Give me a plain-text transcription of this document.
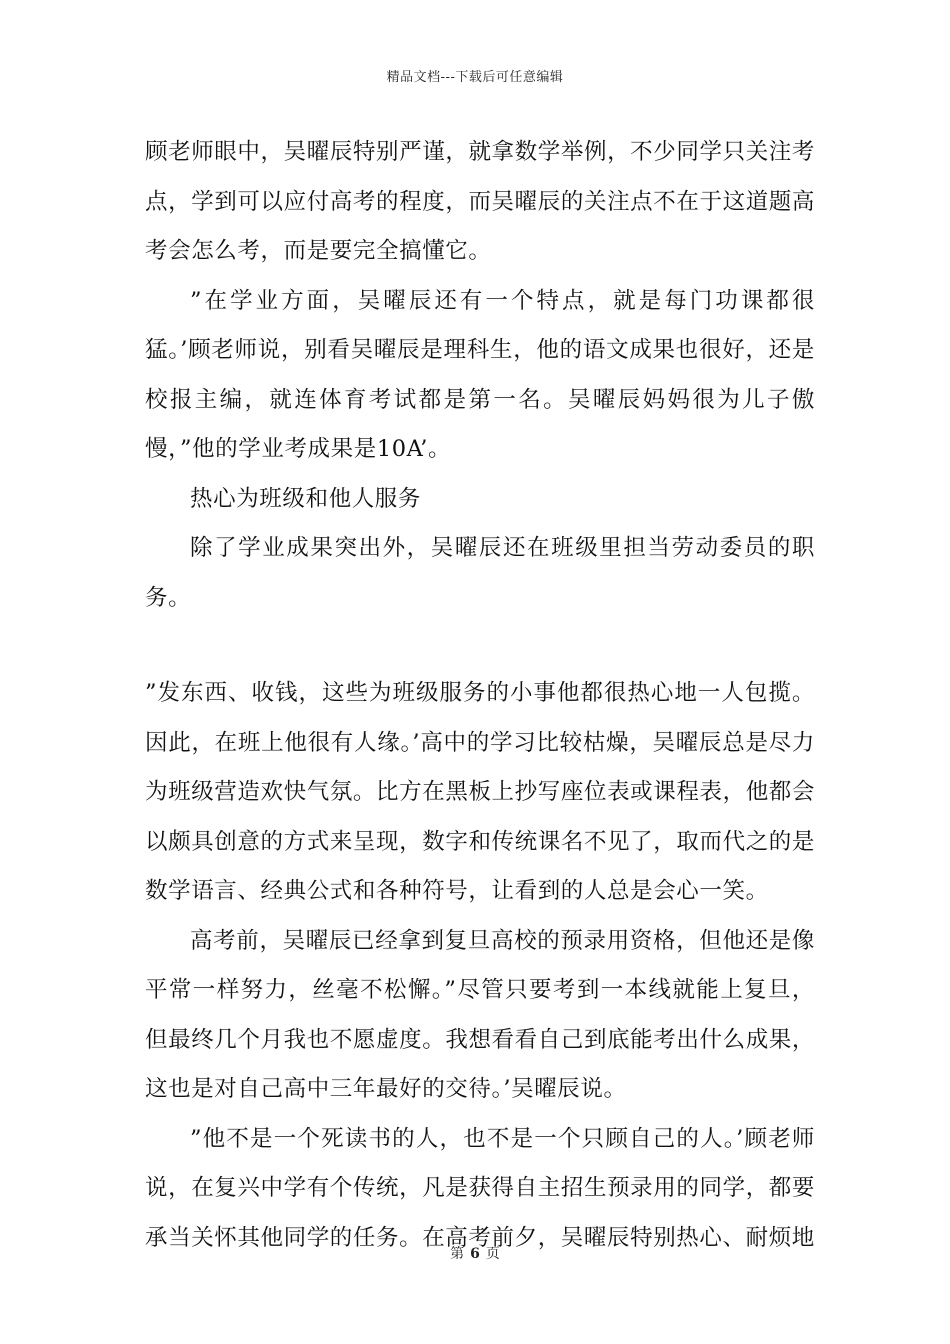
精品文档---下载后可任意编辑

顾老师眼中，吴曜辰特别严谨，就拿数学举例，不少同学只关注考点，学到可以应付高考的程度，而吴曜辰的关注点不在于这道题高考会怎么考，而是要完全搞懂它。

”在学业方面，吴曜辰还有一个特点，就是每门功课都很猛。’顾老师说，别看吴曜辰是理科生，他的语文成果也很好，还是校报主编，就连体育考试都是第一名。吴曜辰妈妈很为儿子傲慢，”他的学业考成果是10A’。

热心为班级和他人服务

除了学业成果突出外，吴曜辰还在班级里担当劳动委员的职务。

”发东西、收钱，这些为班级服务的小事他都很热心地一人包揽。因此，在班上他很有人缘。’高中的学习比较枯燥，吴曜辰总是尽力为班级营造欢快气氛。比方在黑板上抄写座位表或课程表，他都会以颇具创意的方式来呈现，数字和传统课名不见了，取而代之的是数学语言、经典公式和各种符号，让看到的人总是会心一笑。

高考前，吴曜辰已经拿到复旦高校的预录用资格，但他还是像平常一样努力，丝毫不松懈。”尽管只要考到一本线就能上复旦，但最终几个月我也不愿虚度。我想看看自己到底能考出什么成果，这也是对自己高中三年最好的交待。’吴曜辰说。

”他不是一个死读书的人，也不是一个只顾自己的人。’顾老师说，在复兴中学有个传统，凡是获得自主招生预录用的同学，都要承当关怀其他同学的任务。在高考前夕，吴曜辰特别热心、耐烦地

第 6 页
